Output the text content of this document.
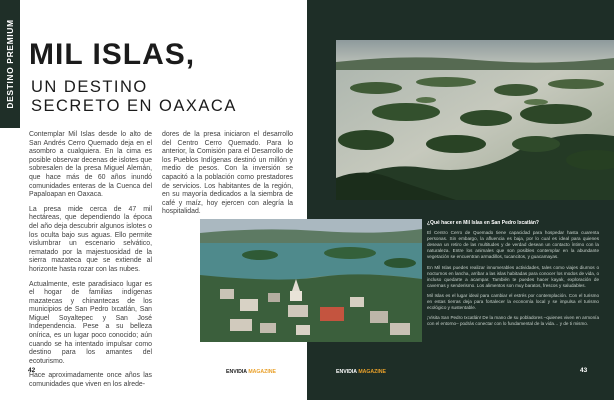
DESTINO PREMIUM MIL ISLAS,
UN DESTINO
SECRETO EN OAXACA

Contemplar Mil Islas desde lo alto de San Andrés Cerro Quemado deja en el asombro a cualquiera. En la cima es posible observar decenas de islotes que sobresalen de la presa Miguel Alemán, que hace más de 60 años inundó comunidades enteras de la Cuenca del Papaloapan en Oaxaca.

La presa mide cerca de 47 mil hectáreas, que dependiendo la época del año deja descubrir algunos islotes o los oculta bajo sus aguas. Ello permite vislumbrar un escenario selvático, rematado por la majestuosidad de la sierra mazateca que se extiende al horizonte hasta rozar con las nubes.

Actualmente, este paradisiaco lugar es el hogar de familias indígenas mazatecas y chinantecas de los municipios de San Pedro Ixcatlán, San Miguel Soyaltepec y San José Independencia. Pese a su belleza onírica, es un lugar poco conocido; aún cuando se ha intentado impulsar como destino para los amantes del ecoturismo.

Hace aproximadamente once años las comunidades que viven en los alrede-

dores de la presa iniciaron el desarrollo del Centro Cerro Quemado. Para lo anterior, la Comisión para el Desarrollo de los Pueblos Indígenas destinó un millón y medio de pesos. Con la inversión se capacitó a la población como prestadores de servicios. Los habitantes de la región, en su mayoría dedicados a la siembra de café y maíz, hoy ejercen con alegría la hospitalidad.

42	ENVIDIA MAGAZINE	43
ENVIDIA MAGAZINE
¿Qué hacer en Mil Islas en San Pedro Ixcatlán?

El Centro Cerro de Quemado tiene capacidad para hospedar hasta cuarenta personas. Sin embargo, la afluencia es baja, por lo cual es ideal para quienes desean un retiro de las multitudes y de verdad desean un contacto íntimo con la naturaleza. Entre los animales que son posibles contemplar en la abundante vegetación se encuentran armadillos, tucancitos, y guacamayas.

En Mil Islas puedes realizar innumerables actividades, tales como viajes diurnos o nocturnos en lancha, arribar a las islas habitadas para conocer los modos de vida, o incluso quedarte a acampar. También te puedes hacer kayak, exploración de cavernas y senderismo. Los alimentos son muy baratos, frescos y saludables.

Mil Islas es el lugar ideal para cambiar el estrés por contemplación. Con el turismo en estas tierras deja para fortalecer la economía local y se impulsa el turismo ecológico y sustentable.

¡Visita San Pedro Ixcatlán! De la mano de su pobladores –quienes viven en armonía con el entorno– podrás conectar con lo fundamental de la vida… y de ti mismo.
